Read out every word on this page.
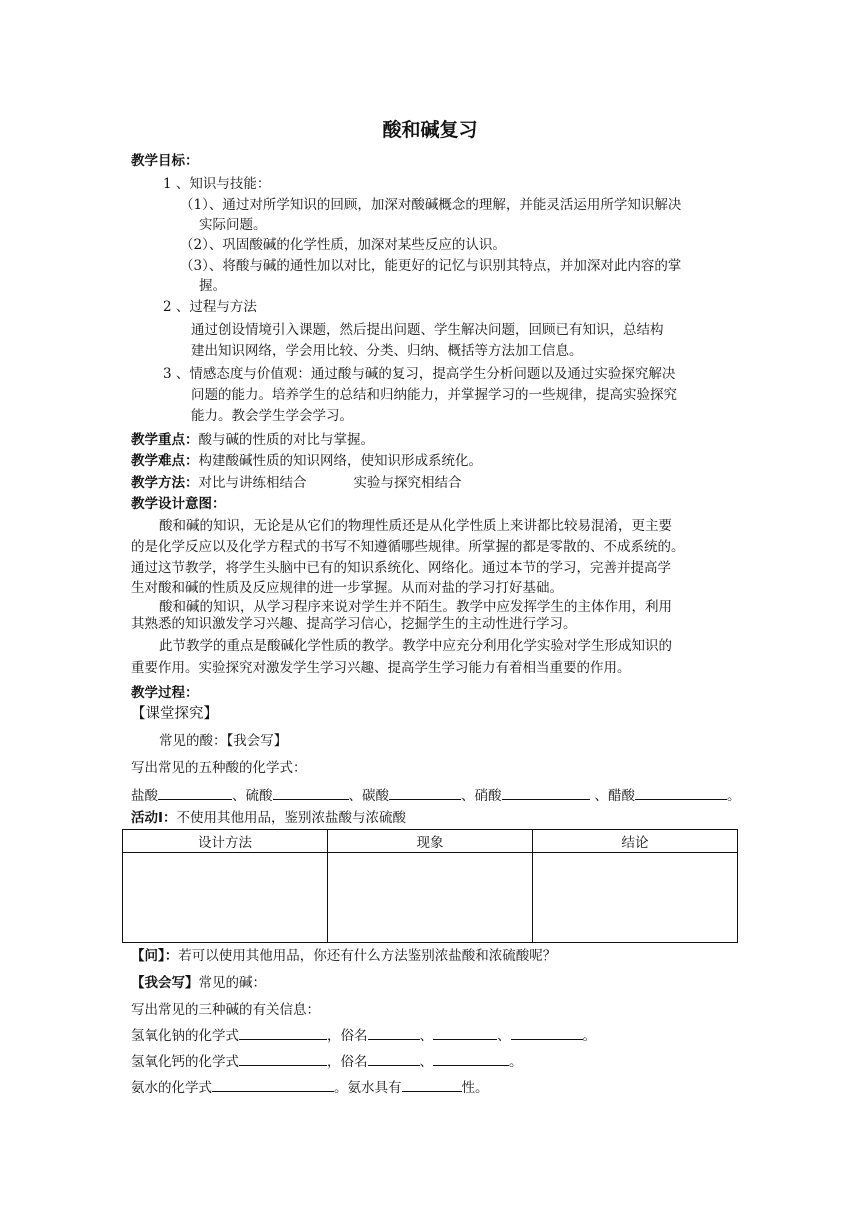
酸和碱复习
教学目标：
1 、知识与技能：
（1）、通过对所学知识的回顾，加深对酸碱概念的理解，并能灵活运用所学知识解决
实际问题。
（2）、巩固酸碱的化学性质，加深对某些反应的认识。
（3）、将酸与碱的通性加以对比，能更好的记忆与识别其特点，并加深对此内容的掌
握。
2 、过程与方法
通过创设情境引入课题，然后提出问题、学生解决问题，回顾已有知识，总结构
建出知识网络，学会用比较、分类、归纳、概括等方法加工信息。
3 、情感态度与价值观：通过酸与碱的复习，提高学生分析问题以及通过实验探究解决
问题的能力。培养学生的总结和归纳能力，并掌握学习的一些规律，提高实验探究
能力。教会学生学会学习。
教学重点：酸与碱的性质的对比与掌握。
教学难点：构建酸碱性质的知识网络，使知识形成系统化。
教学方法：对比与讲练相结合	实验与探究相结合
教学设计意图：
酸和碱的知识，无论是从它们的物理性质还是从化学性质上来讲都比较易混淆，更主要
的是化学反应以及化学方程式的书写不知遵循哪些规律。所掌握的都是零散的、不成系统的。
通过这节教学，将学生头脑中已有的知识系统化、网络化。通过本节的学习，完善并提高学
生对酸和碱的性质及反应规律的进一步掌握。从而对盐的学习打好基础。
酸和碱的知识，从学习程序来说对学生并不陌生。教学中应发挥学生的主体作用，利用
其熟悉的知识激发学习兴趣、提高学习信心，挖掘学生的主动性进行学习。
此节教学的重点是酸碱化学性质的教学。教学中应充分利用化学实验对学生形成知识的
重要作用。实验探究对激发学生学习兴趣、提高学生学习能力有着相当重要的作用。
教学过程：
【课堂探究】
常见的酸：【我会写】
写出常见的五种酸的化学式：
盐酸	、硫酸	、碳酸	、硝酸	、醋酸	。
活动Ⅰ：不使用其他用品，鉴别浓盐酸与浓硫酸
设计方法	现象	结论

【问】：若可以使用其他用品，你还有什么方法鉴别浓盐酸和浓硫酸呢？
【我会写】常见的碱：
写出常见的三种碱的有关信息：
氢氧化钠的化学式	，俗名	、	、	。
氢氧化钙的化学式	，俗名	、	。
氨水的化学式	。氨水具有	性。
